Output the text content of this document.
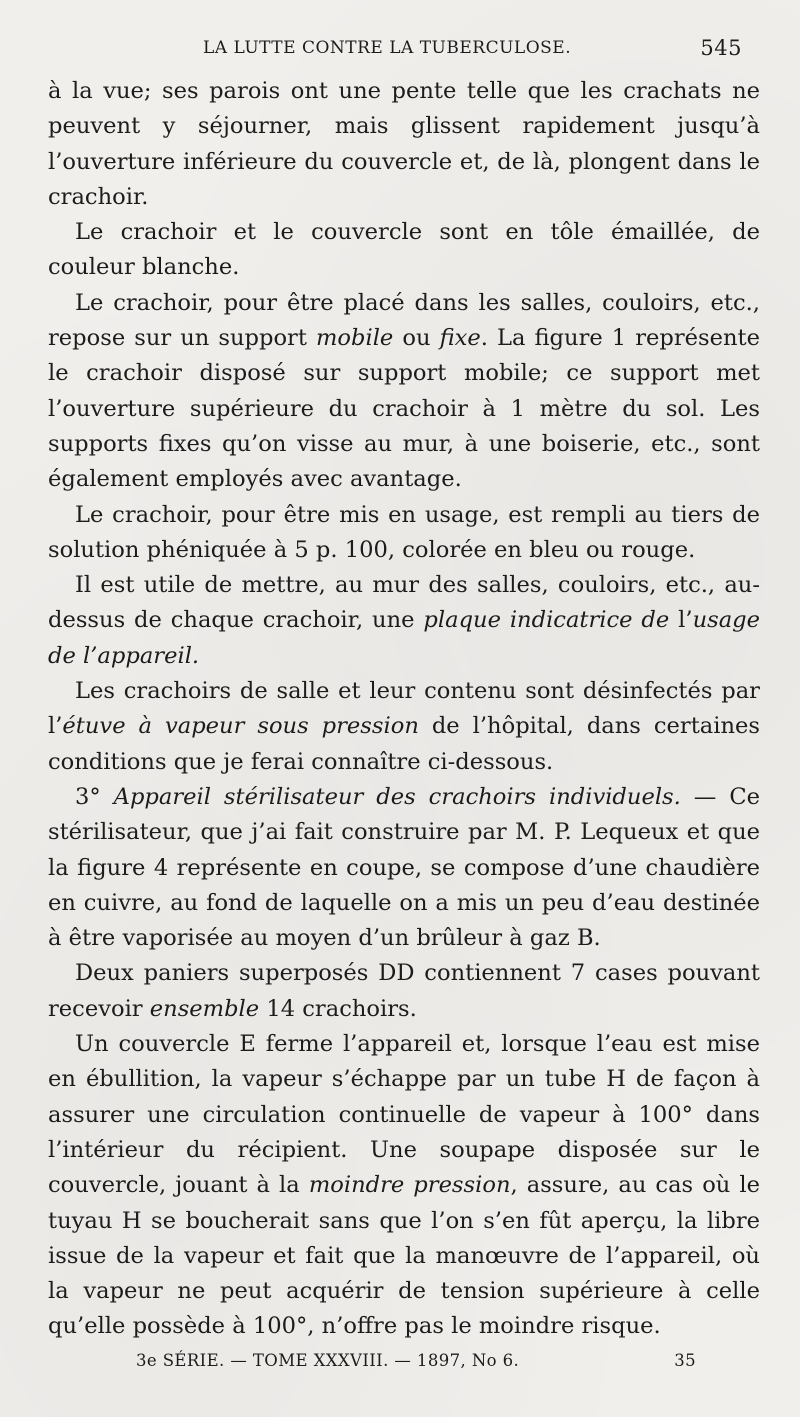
LA LUTTE CONTRE LA TUBERCULOSE.	545

à la vue; ses parois ont une pente telle que les crachats ne peuvent y séjourner, mais glissent rapidement jusqu’à l’ouverture inférieure du couvercle et, de là, plongent dans le crachoir.

Le crachoir et le couvercle sont en tôle émaillée, de couleur blanche.

Le crachoir, pour être placé dans les salles, couloirs, etc., repose sur un support mobile ou fixe. La figure 1 représente le crachoir disposé sur support mobile; ce support met l’ouverture supérieure du crachoir à 1 mètre du sol. Les supports fixes qu’on visse au mur, à une boiserie, etc., sont également employés avec avantage.

Le crachoir, pour être mis en usage, est rempli au tiers de solution phéniquée à 5 p. 100, colorée en bleu ou rouge.

Il est utile de mettre, au mur des salles, couloirs, etc., au-dessus de chaque crachoir, une plaque indicatrice de l’usage de l’appareil.

Les crachoirs de salle et leur contenu sont désinfectés par l’étuve à vapeur sous pression de l’hôpital, dans certaines conditions que je ferai connaître ci-dessous.

3° Appareil stérilisateur des crachoirs individuels. — Ce stérilisateur, que j’ai fait construire par M. P. Lequeux et que la figure 4 représente en coupe, se compose d’une chaudière en cuivre, au fond de laquelle on a mis un peu d’eau destinée à être vaporisée au moyen d’un brûleur à gaz B.

Deux paniers superposés DD contiennent 7 cases pouvant recevoir ensemble 14 crachoirs.

Un couvercle E ferme l’appareil et, lorsque l’eau est mise en ébullition, la vapeur s’échappe par un tube H de façon à assurer une circulation continuelle de vapeur à 100° dans l’intérieur du récipient. Une soupape disposée sur le couvercle, jouant à la moindre pression, assure, au cas où le tuyau H se boucherait sans que l’on s’en fût aperçu, la libre issue de la vapeur et fait que la manœuvre de l’appareil, où la vapeur ne peut acquérir de tension supérieure à celle qu’elle possède à 100°, n’offre pas le moindre risque.

3e SÉRIE. — TOME XXXVIII. — 1897, No 6.	35
